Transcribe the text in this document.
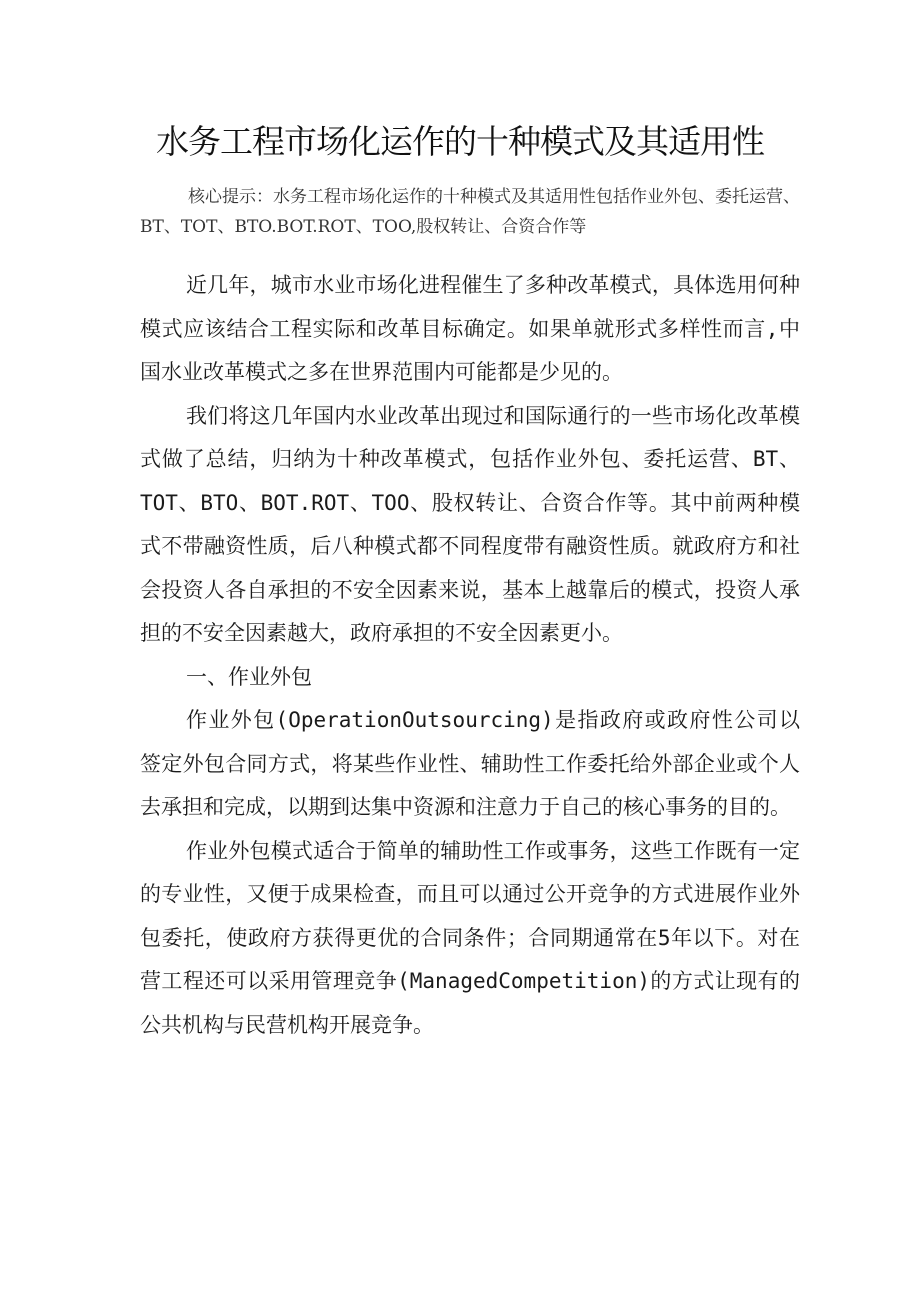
水务工程市场化运作的十种模式及其适用性

核心提示：水务工程市场化运作的十种模式及其适用性包括作业外包、委托运营、BT、TOT、BTO.BOT.ROT、TOO,股权转让、合资合作等

近几年，城市水业市场化进程催生了多种改革模式，具体选用何种模式应该结合工程实际和改革目标确定。如果单就形式多样性而言,中国水业改革模式之多在世界范围内可能都是少见的。

我们将这几年国内水业改革出现过和国际通行的一些市场化改革模式做了总结，归纳为十种改革模式，包括作业外包、委托运营、BT、TOT、BTO、BOT.ROT、TOO、股权转让、合资合作等。其中前两种模式不带融资性质，后八种模式都不同程度带有融资性质。就政府方和社会投资人各自承担的不安全因素来说，基本上越靠后的模式，投资人承担的不安全因素越大，政府承担的不安全因素更小。

一、作业外包

作业外包(OperationOutsourcing)是指政府或政府性公司以签定外包合同方式，将某些作业性、辅助性工作委托给外部企业或个人去承担和完成，以期到达集中资源和注意力于自己的核心事务的目的。

作业外包模式适合于简单的辅助性工作或事务，这些工作既有一定的专业性，又便于成果检查，而且可以通过公开竞争的方式进展作业外包委托，使政府方获得更优的合同条件；合同期通常在5年以下。对在营工程还可以采用管理竞争(ManagedCompetition)的方式让现有的公共机构与民营机构开展竞争。
